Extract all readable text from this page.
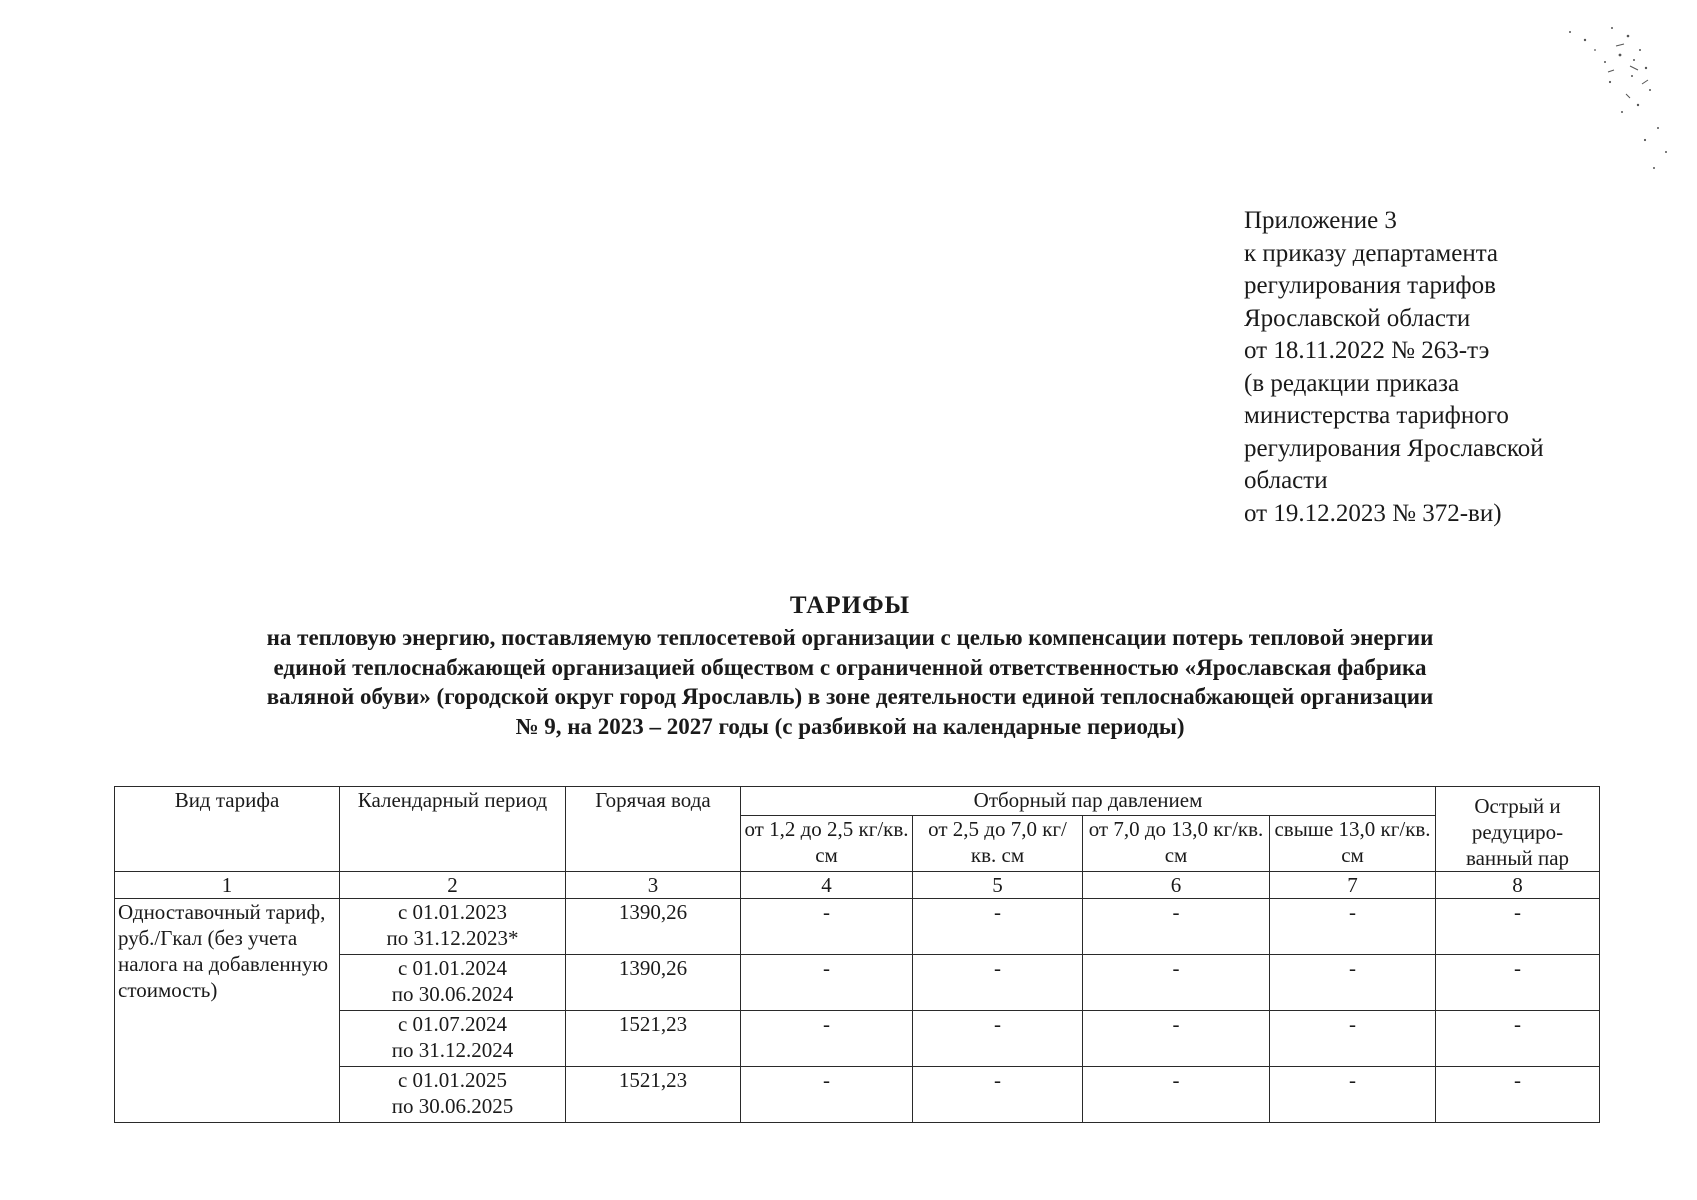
Приложение 3
к приказу департамента
регулирования тарифов
Ярославской области
от 18.11.2022 № 263-тэ
(в редакции приказа
министерства тарифного
регулирования Ярославской
области
от 19.12.2023 № 372-ви)
ТАРИФЫ
на тепловую энергию, поставляемую теплосетевой организации с целью компенсации потерь тепловой энергии
единой теплоснабжающей организацией обществом с ограниченной ответственностью «Ярославская фабрика
валяной обуви» (городской округ город Ярославль) в зоне деятельности единой теплоснабжающей организации
№ 9, на 2023 – 2027 годы (с разбивкой на календарные периоды)
Вид тарифа	Календарный период	Горячая вода	Отборный пар давлением				Острый и редуциро-ванный пар
			от 1,2 до 2,5 кг/кв. см	от 2,5 до 7,0 кг/ кв. см	от 7,0 до 13,0 кг/кв. см	свыше 13,0 кг/кв. см	
1	2	3	4	5	6	7	8
Одноставочный тариф, руб./Гкал (без учета налога на добавленную стоимость)	с 01.01.2023
по 31.12.2023*	1390,26	-	-	-	-	-

	с 01.01.2024
по 30.06.2024	1390,26	-	-	-	-	-

	с 01.07.2024
по 31.12.2024	1521,23	-	-	-	-	-

	с 01.01.2025
по 30.06.2025	1521,23	-	-	-	-	-
